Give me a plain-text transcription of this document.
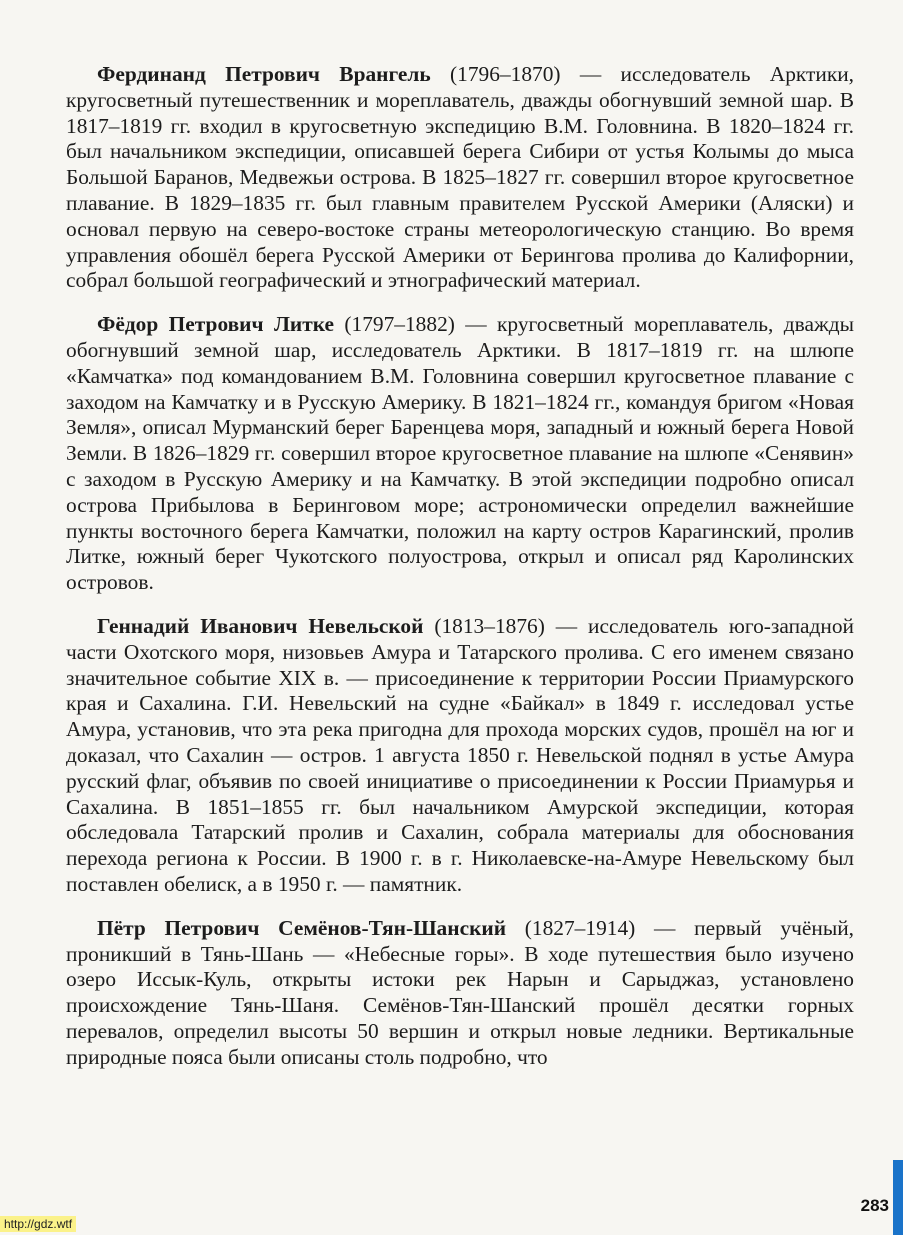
Фердинанд Петрович Врангель (1796–1870) — исследователь Арктики, кругосветный путешественник и мореплаватель, дважды обогнувший земной шар. В 1817–1819 гг. входил в кругосветную экспедицию В.М. Головнина. В 1820–1824 гг. был начальником экспедиции, описавшей берега Сибири от устья Колымы до мыса Большой Баранов, Медвежьи острова. В 1825–1827 гг. совершил второе кругосветное плавание. В 1829–1835 гг. был главным правителем Русской Америки (Аляски) и основал первую на северо-востоке страны метеорологическую станцию. Во время управления обошёл берега Русской Америки от Берингова пролива до Калифорнии, собрал большой географический и этнографический материал.

Фёдор Петрович Литке (1797–1882) — кругосветный мореплаватель, дважды обогнувший земной шар, исследователь Арктики. В 1817–1819 гг. на шлюпе «Камчатка» под командованием В.М. Головнина совершил кругосветное плавание с заходом на Камчатку и в Русскую Америку. В 1821–1824 гг., командуя бригом «Новая Земля», описал Мурманский берег Баренцева моря, западный и южный берега Новой Земли. В 1826–1829 гг. совершил второе кругосветное плавание на шлюпе «Сенявин» с заходом в Русскую Америку и на Камчатку. В этой экспедиции подробно описал острова Прибылова в Беринговом море; астрономически определил важнейшие пункты восточного берега Камчатки, положил на карту остров Карагинский, пролив Литке, южный берег Чукотского полуострова, открыл и описал ряд Каролинских островов.

Геннадий Иванович Невельской (1813–1876) — исследователь юго-западной части Охотского моря, низовьев Амура и Татарского пролива. С его именем связано значительное событие XIX в. — присоединение к территории России Приамурского края и Сахалина. Г.И. Невельский на судне «Байкал» в 1849 г. исследовал устье Амура, установив, что эта река пригодна для прохода морских судов, прошёл на юг и доказал, что Сахалин — остров. 1 августа 1850 г. Невельской поднял в устье Амура русский флаг, объявив по своей инициативе о присоединении к России Приамурья и Сахалина. В 1851–1855 гг. был начальником Амурской экспедиции, которая обследовала Татарский пролив и Сахалин, собрала материалы для обоснования перехода региона к России. В 1900 г. в г. Николаевске-на-Амуре Невельскому был поставлен обелиск, а в 1950 г. — памятник.

Пётр Петрович Семёнов-Тян-Шанский (1827–1914) — первый учёный, проникший в Тянь-Шань — «Небесные горы». В ходе путешествия было изучено озеро Иссык-Куль, открыты истоки рек Нарын и Сарыджаз, установлено происхождение Тянь-Шаня. Семёнов-Тян-Шанский прошёл десятки горных перевалов, определил высоты 50 вершин и открыл новые ледники. Вертикальные природные пояса были описаны столь подробно, что

283
http://gdz.wtf
